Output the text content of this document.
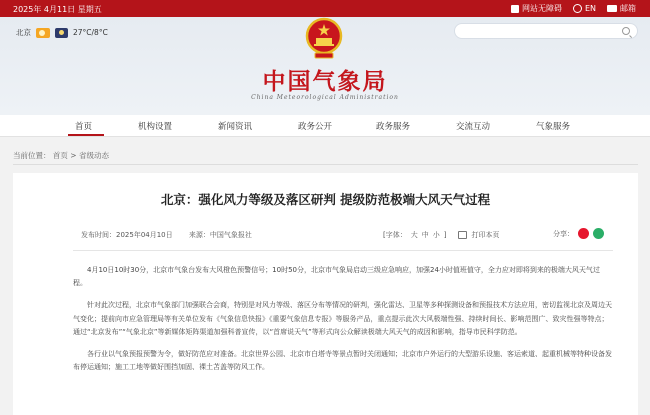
2025年 4月11日 星期五	网站无障碍	EN	邮箱
北京	27°C/8°C
中国气象局
China Meteorological Administration
首页	机构设置	新闻资讯	政务公开	政务服务	交流互动	气象服务
当前位置： 首页 > 省级动态
北京：强化风力等级及落区研判 提级防范极端大风天气过程
发布时间：2025年04月10日 来源：中国气象报社	[字体： 大 中 小 ]	打印本页	分享：

4月10日10时30分，北京市气象台发布大风橙色预警信号；10时50分，北京市气象局启动三级应急响应，加强24小时值班值守，全力应对即将到来的极端大风天气过程。

针对此次过程，北京市气象部门加强联合会商，特别是对风力等级、落区分布等情况的研判，强化雷达、卫星等多种探测设备和预报技术方法应用，密切监视北京及周边天气变化；提前向市应急管理局等有关单位发布《气象信息快报》《重要气象信息专报》等服务产品，重点提示此次大风极端性强、持续时间长、影响范围广、致灾性强等特点；通过“北京发布”“气象北京”等新媒体矩阵渠道加强科普宣传，以“首席说天气”等形式向公众解读极端大风天气的成因和影响，指导市民科学防范。

各行业以气象预报预警为令，做好防范应对准备。北京世界公园、北京市白塔寺等景点暂时关闭通知；北京市户外运行的大型游乐设施、客运索道、起重机械等特种设备发布停运通知；施工工地等做好围挡加固、裸土苫盖等防风工作。
